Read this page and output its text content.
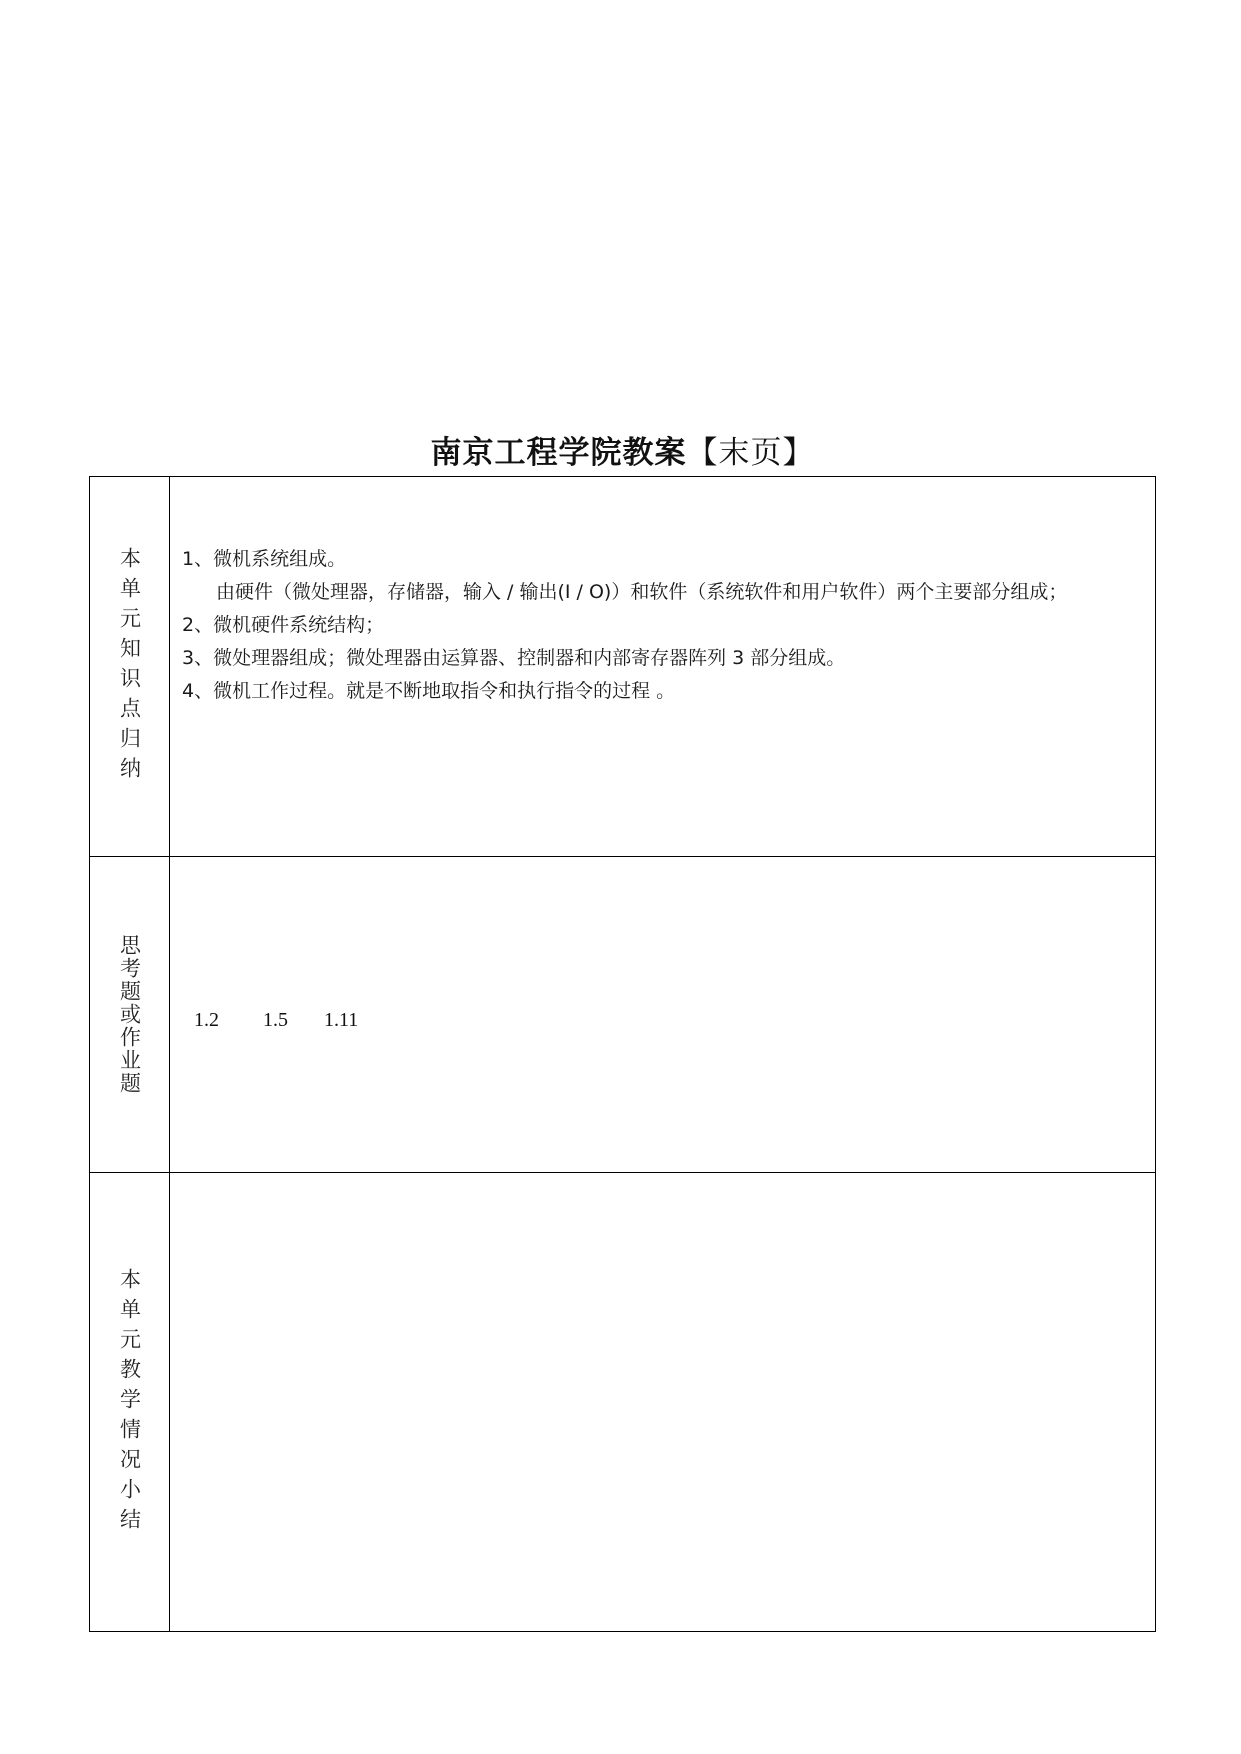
南京工程学院教案【末页】
本单元知识点归纳 1、微机系统组成。
由硬件（微处理器，存储器，输入 / 输出(I / O)）和软件（系统软件和用户软件）两个主要部分组成；
2、微机硬件系统结构；
3、微处理器组成；微处理器由运算器、控制器和内部寄存器阵列 3 部分组成。
4、微机工作过程。就是不断地取指令和执行指令的过程 。
思考题或作业题	1.2 1.5 1.11
本单元教学情况小结
